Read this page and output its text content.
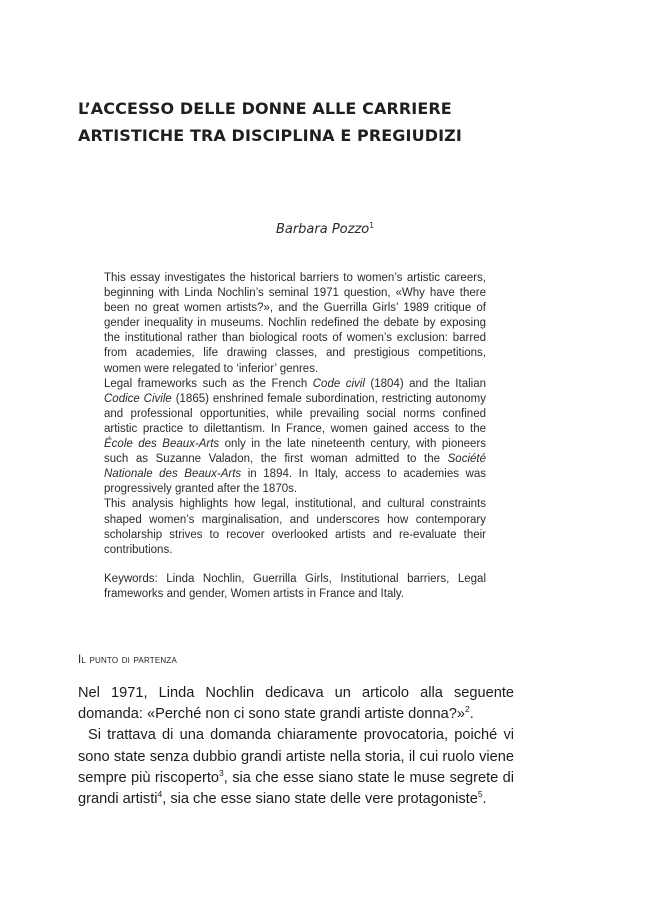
L’ACCESSO DELLE DONNE ALLE CARRIERE
ARTISTICHE TRA DISCIPLINA E PREGIUDIZI
Barbara Pozzo$^1$

This essay investigates the historical barriers to women’s artistic careers, beginning with Linda Nochlin’s seminal 1971 question, «Why have there been no great women artists?», and the Guerrilla Girls’ 1989 critique of gender inequality in museums. Nochlin redefined the debate by exposing the institutional rather than biological roots of women’s exclusion: barred from academies, life drawing classes, and prestigious competitions, women were relegated to ‘inferior’ genres.

Legal frameworks such as the French Code civil (1804) and the Italian Codice Civile (1865) enshrined female subordination, restricting autonomy and professional opportunities, while prevailing social norms confined artistic practice to dilettantism. In France, women gained access to the École des Beaux-Arts only in the late nineteenth century, with pioneers such as Suzanne Valadon, the first woman admitted to the Société Nationale des Beaux-Arts in 1894. In Italy, access to academies was progressively granted after the 1870s.

This analysis highlights how legal, institutional, and cultural constraints shaped women’s marginalisation, and underscores how contemporary scholarship strives to recover overlooked artists and re-evaluate their contributions.

Keywords: Linda Nochlin, Guerrilla Girls, Institutional barriers, Legal frameworks and gender, Women artists in France and Italy.

Il punto di partenza

Nel 1971, Linda Nochlin dedicava un articolo alla seguente domanda: «Perché non ci sono state grandi artiste donna?»$^2$.

Si trattava di una domanda chiaramente provocatoria, poiché vi sono state senza dubbio grandi artiste nella storia, il cui ruolo viene sempre più riscoperto$^3$, sia che esse siano state le muse segrete di grandi artisti$^4$, sia che esse siano state delle vere protagoniste$^5$.
